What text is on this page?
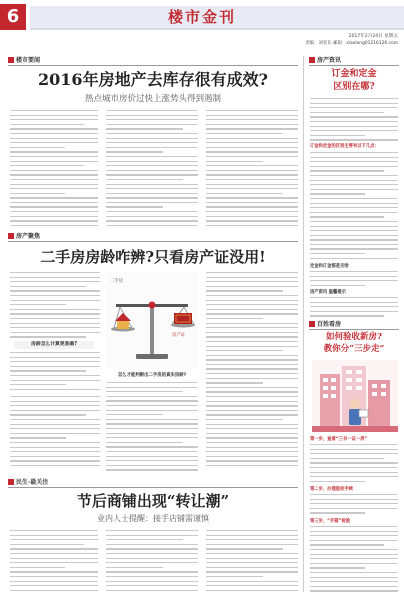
6	楼市金刊
2017年2月24日 星期五
责编：刘亚东 邮箱：xiaolong01216126.com
楼市要闻
2016年房地产去库存很有成效?
热点城市房价过快上涨势头得到遏制
房产聚焦
二手房房龄咋辨?只看房产证没用!
房龄怎么计算更准确?
二手房
房产证
怎么才能判断出二手房的真实房龄?
民生·最关注
节后商铺出现“转让潮”
业内人士提醒：接手店铺需谨慎
房产资讯
订金和定金
区别在哪?
订金和定金的区别主要有以下几点：
定金和订金都是交给
房产资讯 温馨提示
百姓看房
如何验收新房?
教你分“三步走”
第一步，查看“三书一证一表”
第二步，办理验收手续
第三步，“开箱”检验
